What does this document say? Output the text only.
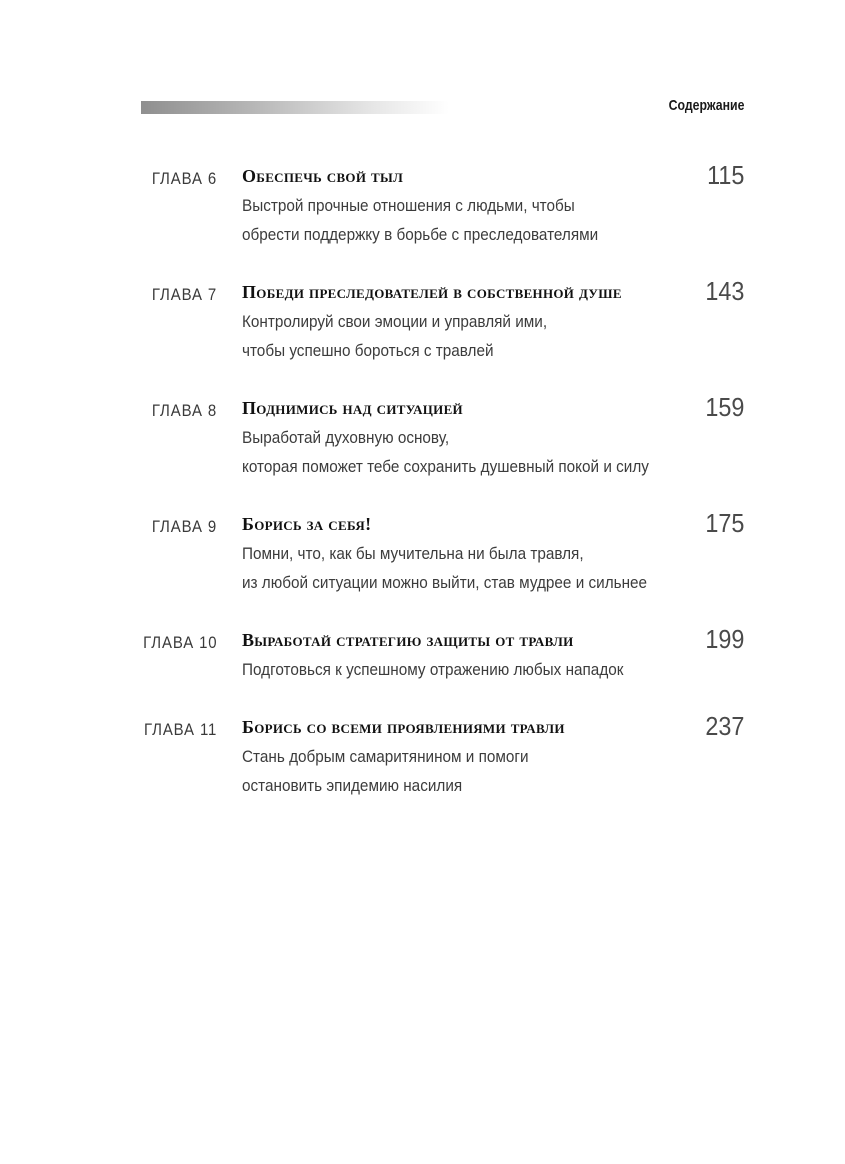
Содержание
ГЛАВА 6 Обеспечь свой тыл
Выстрой прочные отношения с людьми, чтобы
обрести поддержку в борьбе с преследователями
115
ГЛАВА 7 Победи преследователей в собственной душе
Контролируй свои эмоции и управляй ими,
чтобы успешно бороться с травлей
143
ГЛАВА 8 Поднимись над ситуацией
Выработай духовную основу,
которая поможет тебе сохранить душевный покой и силу
159
ГЛАВА 9 Борись за себя!
Помни, что, как бы мучительна ни была травля,
из любой ситуации можно выйти, став мудрее и сильнее
175
ГЛАВА 10 Выработай стратегию защиты от травли
Подготовься к успешному отражению любых нападок
199
ГЛАВА 11 Борись со всеми проявлениями травли
Стань добрым самаритянином и помоги
остановить эпидемию насилия
237
